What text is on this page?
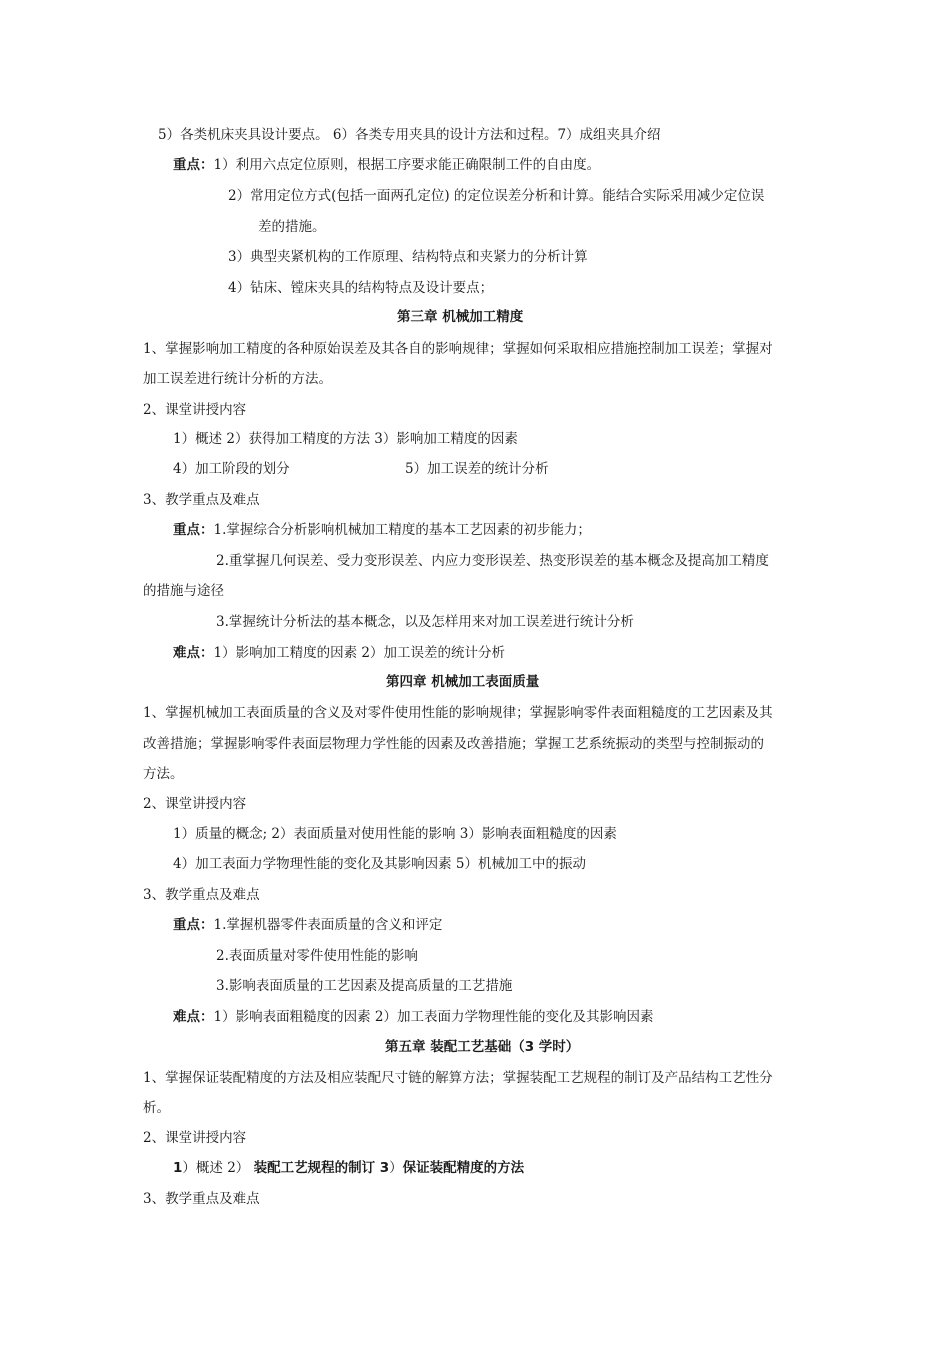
5）各类机床夹具设计要点。 6）各类专用夹具的设计方法和过程。7）成组夹具介绍
重点：1）利用六点定位原则，根据工序要求能正确限制工件的自由度。
2）常用定位方式(包括一面两孔定位) 的定位误差分析和计算。能结合实际采用减少定位误
差的措施。
3）典型夹紧机构的工作原理、结构特点和夹紧力的分析计算
4）钻床、镗床夹具的结构特点及设计要点；
第三章 机械加工精度
1、掌握影响加工精度的各种原始误差及其各自的影响规律；掌握如何采取相应措施控制加工误差；掌握对
加工误差进行统计分析的方法。
2、课堂讲授内容
1）概述 2）获得加工精度的方法 3）影响加工精度的因素
4）加工阶段的划分	5）加工误差的统计分析
3、教学重点及难点
重点：1.掌握综合分析影响机械加工精度的基本工艺因素的初步能力；
2.重掌握几何误差、受力变形误差、内应力变形误差、热变形误差的基本概念及提高加工精度
的措施与途径
3.掌握统计分析法的基本概念，以及怎样用来对加工误差进行统计分析
难点：1）影响加工精度的因素 2）加工误差的统计分析
第四章 机械加工表面质量
1、掌握机械加工表面质量的含义及对零件使用性能的影响规律；掌握影响零件表面粗糙度的工艺因素及其
改善措施；掌握影响零件表面层物理力学性能的因素及改善措施；掌握工艺系统振动的类型与控制振动的
方法。
2、课堂讲授内容
1）质量的概念; 2）表面质量对使用性能的影响 3）影响表面粗糙度的因素
4）加工表面力学物理性能的变化及其影响因素 5）机械加工中的振动
3、教学重点及难点
重点：1.掌握机器零件表面质量的含义和评定
2.表面质量对零件使用性能的影响
3.影响表面质量的工艺因素及提高质量的工艺措施
难点：1）影响表面粗糙度的因素 2）加工表面力学物理性能的变化及其影响因素
第五章 装配工艺基础（3 学时）
1、掌握保证装配精度的方法及相应装配尺寸链的解算方法；掌握装配工艺规程的制订及产品结构工艺性分
析。
2、课堂讲授内容
1）概述 2） 装配工艺规程的制订 3）保证装配精度的方法
3、教学重点及难点
